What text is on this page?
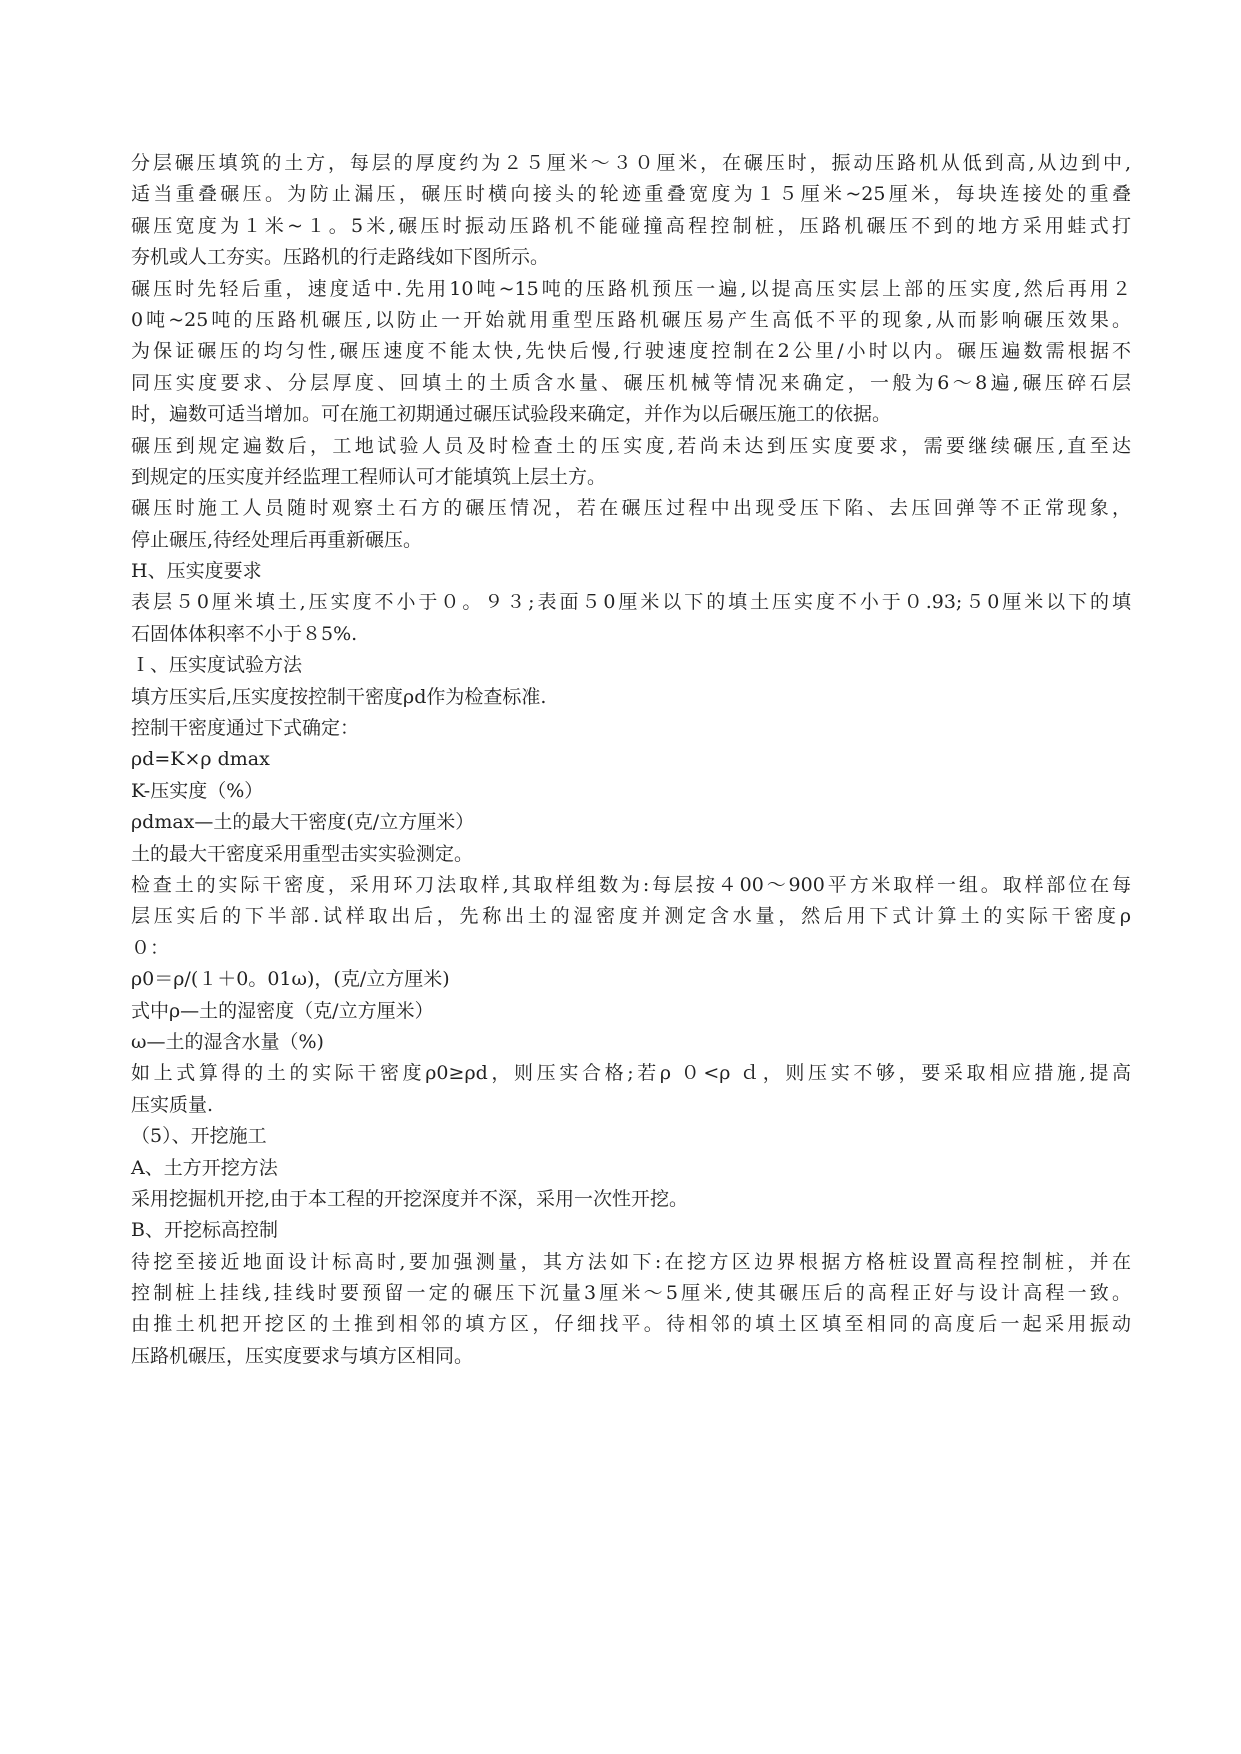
分层碾压填筑的土方，每层的厚度约为２５厘米～３０厘米，在碾压时，振动压路机从低到高,从边到中,
适当重叠碾压。为防止漏压，碾压时横向接头的轮迹重叠宽度为１５厘米~25厘米，每块连接处的重叠
碾压宽度为１米~１。5米,碾压时振动压路机不能碰撞高程控制桩，压路机碾压不到的地方采用蛙式打
夯机或人工夯实。压路机的行走路线如下图所示。
碾压时先轻后重，速度适中.先用10吨~15吨的压路机预压一遍,以提高压实层上部的压实度,然后再用２
0吨~25吨的压路机碾压,以防止一开始就用重型压路机碾压易产生高低不平的现象,从而影响碾压效果。
为保证碾压的均匀性,碾压速度不能太快,先快后慢,行驶速度控制在2公里/小时以内。碾压遍数需根据不
同压实度要求、分层厚度、回填土的土质含水量、碾压机械等情况来确定，一般为6～8遍,碾压碎石层
时，遍数可适当增加。可在施工初期通过碾压试验段来确定，并作为以后碾压施工的依据。
碾压到规定遍数后，工地试验人员及时检查土的压实度,若尚未达到压实度要求，需要继续碾压,直至达
到规定的压实度并经监理工程师认可才能填筑上层土方。
碾压时施工人员随时观察土石方的碾压情况，若在碾压过程中出现受压下陷、去压回弹等不正常现象，
停止碾压,待经处理后再重新碾压。
H、压实度要求
表层５0厘米填土,压实度不小于０。９３;表面５0厘米以下的填土压实度不小于０.93;５0厘米以下的填
石固体体积率不小于８5%.
Ｉ、压实度试验方法
填方压实后,压实度按控制干密度ρd作为检查标准.
控制干密度通过下式确定：
ρd=K×ρ dmax
K-压实度（%）
ρdmax—土的最大干密度(克/立方厘米）
土的最大干密度采用重型击实实验测定。
检查土的实际干密度，采用环刀法取样,其取样组数为:每层按４00～900平方米取样一组。取样部位在每
层压实后的下半部.试样取出后，先称出土的湿密度并测定含水量，然后用下式计算土的实际干密度ρ
０：
ρ0＝ρ/(１＋0。01ω)，(克/立方厘米)
式中ρ—土的湿密度（克/立方厘米）
ω—土的湿含水量（%)
如上式算得的土的实际干密度ρ0≥ρd，则压实合格;若ρ ０<ρ ｄ，则压实不够，要采取相应措施,提高
压实质量.
（5）、开挖施工
A、土方开挖方法
采用挖掘机开挖,由于本工程的开挖深度并不深，采用一次性开挖。
B、开挖标高控制
待挖至接近地面设计标高时,要加强测量，其方法如下:在挖方区边界根据方格桩设置高程控制桩，并在
控制桩上挂线,挂线时要预留一定的碾压下沉量3厘米～5厘米,使其碾压后的高程正好与设计高程一致。
由推土机把开挖区的土推到相邻的填方区，仔细找平。待相邻的填土区填至相同的高度后一起采用振动
压路机碾压，压实度要求与填方区相同。
